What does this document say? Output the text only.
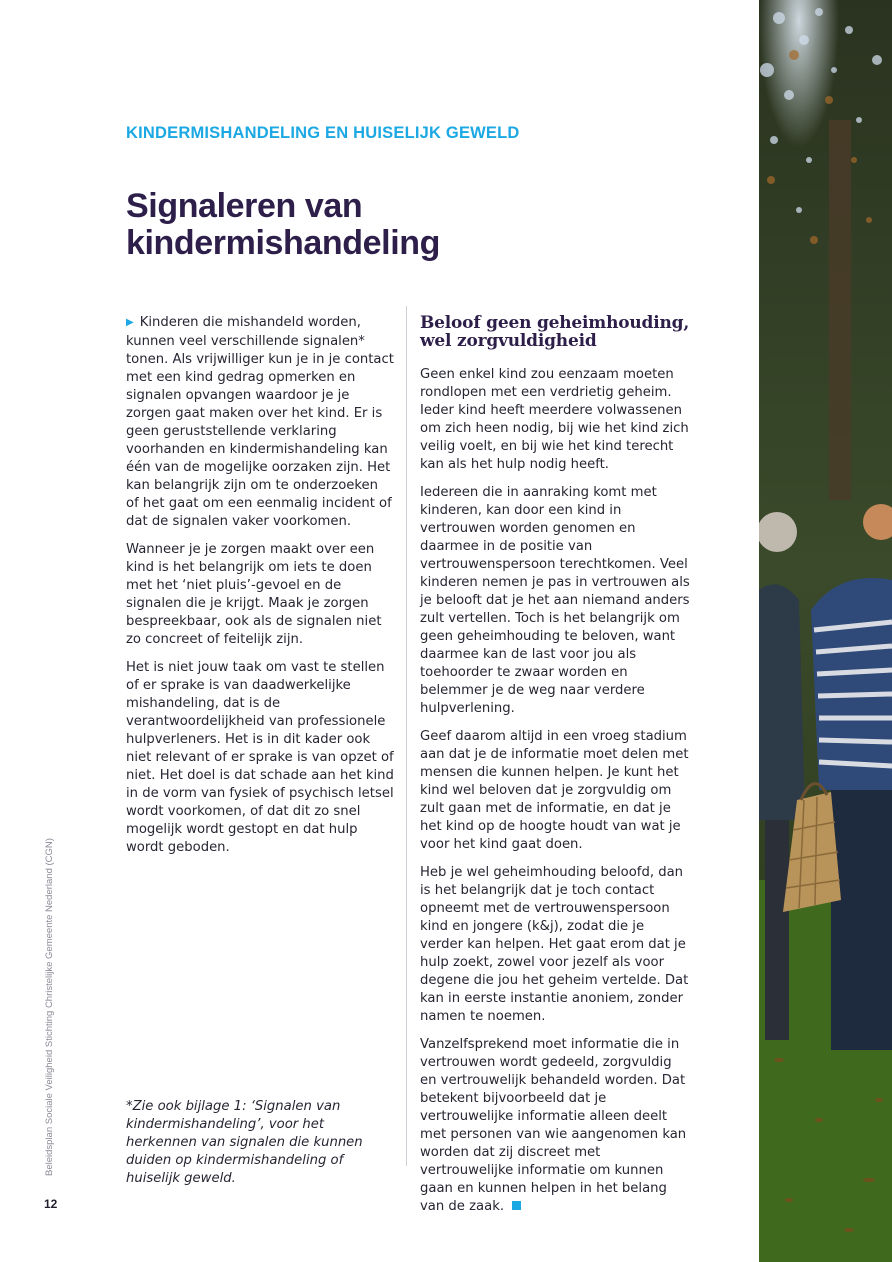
KINDERMISHANDELING EN HUISELIJK GEWELD
Signaleren van kindermishandeling

▶ Kinderen die mishandeld worden, kunnen veel verschillende signalen* tonen. Als vrijwilliger kun je in je contact met een kind gedrag opmerken en signalen opvangen waardoor je je zorgen gaat maken over het kind. Er is geen geruststellende verklaring voorhanden en kindermishandeling kan één van de mogelijke oorzaken zijn. Het kan belangrijk zijn om te onderzoeken of het gaat om een eenmalig incident of dat de signalen vaker voorkomen.

Wanneer je je zorgen maakt over een kind is het belangrijk om iets te doen met het ‘niet pluis’-gevoel en de signalen die je krijgt. Maak je zorgen bespreekbaar, ook als de signalen niet zo concreet of feitelijk zijn.

Het is niet jouw taak om vast te stellen of er sprake is van daadwerkelijke mishandeling, dat is de verantwoordelijkheid van professionele hulpverleners. Het is in dit kader ook niet relevant of er sprake is van opzet of niet. Het doel is dat schade aan het kind in de vorm van fysiek of psychisch letsel wordt voorkomen, of dat dit zo snel mogelijk wordt gestopt en dat hulp wordt geboden.

Beloof geen geheimhouding, wel zorgvuldigheid

Geen enkel kind zou eenzaam moeten rondlopen met een verdrietig geheim. Ieder kind heeft meerdere volwassenen om zich heen nodig, bij wie het kind zich veilig voelt, en bij wie het kind terecht kan als het hulp nodig heeft.

Iedereen die in aanraking komt met kinderen, kan door een kind in vertrouwen worden genomen en daarmee in de positie van vertrouwenspersoon terechtkomen. Veel kinderen nemen je pas in vertrouwen als je belooft dat je het aan niemand anders zult vertellen. Toch is het belangrijk om geen geheimhouding te beloven, want daarmee kan de last voor jou als toehoorder te zwaar worden en belemmer je de weg naar verdere hulpverlening.

Geef daarom altijd in een vroeg stadium aan dat je de informatie moet delen met mensen die kunnen helpen. Je kunt het kind wel beloven dat je zorgvuldig om zult gaan met de informatie, en dat je het kind op de hoogte houdt van wat je voor het kind gaat doen.

Heb je wel geheimhouding beloofd, dan is het belangrijk dat je toch contact opneemt met de vertrouwenspersoon kind en jongere (k&j), zodat die je verder kan helpen. Het gaat erom dat je hulp zoekt, zowel voor jezelf als voor degene die jou het geheim vertelde. Dat kan in eerste instantie anoniem, zonder namen te noemen.

Vanzelfsprekend moet informatie die in vertrouwen wordt gedeeld, zorgvuldig en vertrouwelijk behandeld worden. Dat betekent bijvoorbeeld dat je vertrouwelijke informatie alleen deelt met personen van wie aangenomen kan worden dat zij discreet met vertrouwelijke informatie om kunnen gaan en kunnen helpen in het belang van de zaak.

*Zie ook bijlage 1: ‘Signalen van kindermishandeling’, voor het herkennen van signalen die kunnen duiden op kindermishandeling of huiselijk geweld.
Beleidsplan Sociale Veiligheid Stichting Christelijke Gemeente Nederland (CGN)
12
